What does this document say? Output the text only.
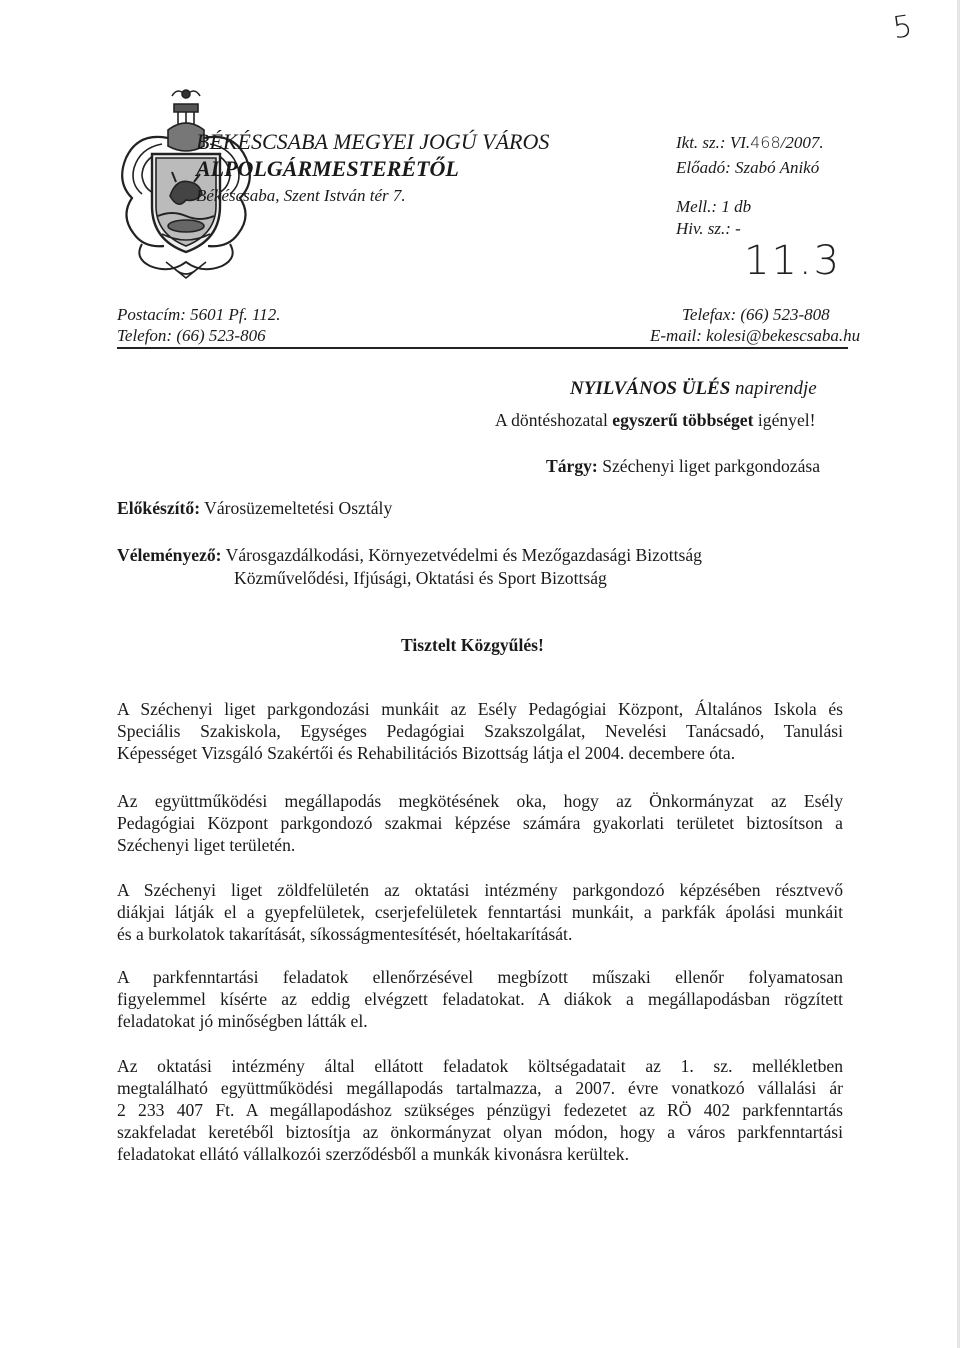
5
BÉKÉSCSABA MEGYEI JOGÚ VÁROS
ALPOLGÁRMESTERÉTŐL
Békéscsaba, Szent István tér 7.
Postacím: 5601 Pf. 112.
Telefon: (66) 523-806
Ikt. sz.: VI.468/2007.
Előadó: Szabó Anikó
Mell.: 1 db
Hiv. sz.: -
11.3
Telefax: (66) 523-808
E-mail: kolesi@bekescsaba.hu
NYILVÁNOS ÜLÉS napirendje
A döntéshozatal egyszerű többséget igényel!
Tárgy: Széchenyi liget parkgondozása
Előkészítő: Városüzemeltetési Osztály
Véleményező: Városgazdálkodási, Környezetvédelmi és Mezőgazdasági Bizottság
Közművelődési, Ifjúsági, Oktatási és Sport Bizottság
Tisztelt Közgyűlés!
A Széchenyi liget parkgondozási munkáit az Esély Pedagógiai Központ, Általános Iskola és
Speciális Szakiskola, Egységes Pedagógiai Szakszolgálat, Nevelési Tanácsadó, Tanulási
Képességet Vizsgáló Szakértői és Rehabilitációs Bizottság látja el 2004. decembere óta.
Az együttműködési megállapodás megkötésének oka, hogy az Önkormányzat az Esély
Pedagógiai Központ parkgondozó szakmai képzése számára gyakorlati területet biztosítson a
Széchenyi liget területén.
A Széchenyi liget zöldfelületén az oktatási intézmény parkgondozó képzésében résztvevő
diákjai látják el a gyepfelületek, cserjefelületek fenntartási munkáit, a parkfák ápolási munkáit
és a burkolatok takarítását, síkosságmentesítését, hóeltakarítását.
A parkfenntartási feladatok ellenőrzésével megbízott műszaki ellenőr folyamatosan
figyelemmel kísérte az eddig elvégzett feladatokat. A diákok a megállapodásban rögzített
feladatokat jó minőségben látták el.
Az oktatási intézmény által ellátott feladatok költségadatait az 1. sz. mellékletben
megtalálható együttműködési megállapodás tartalmazza, a 2007. évre vonatkozó vállalási ár
2 233 407 Ft. A megállapodáshoz szükséges pénzügyi fedezetet az RÖ 402 parkfenntartás
szakfeladat keretéből biztosítja az önkormányzat olyan módon, hogy a város parkfenntartási
feladatokat ellátó vállalkozói szerződésből a munkák kivonásra kerültek.
